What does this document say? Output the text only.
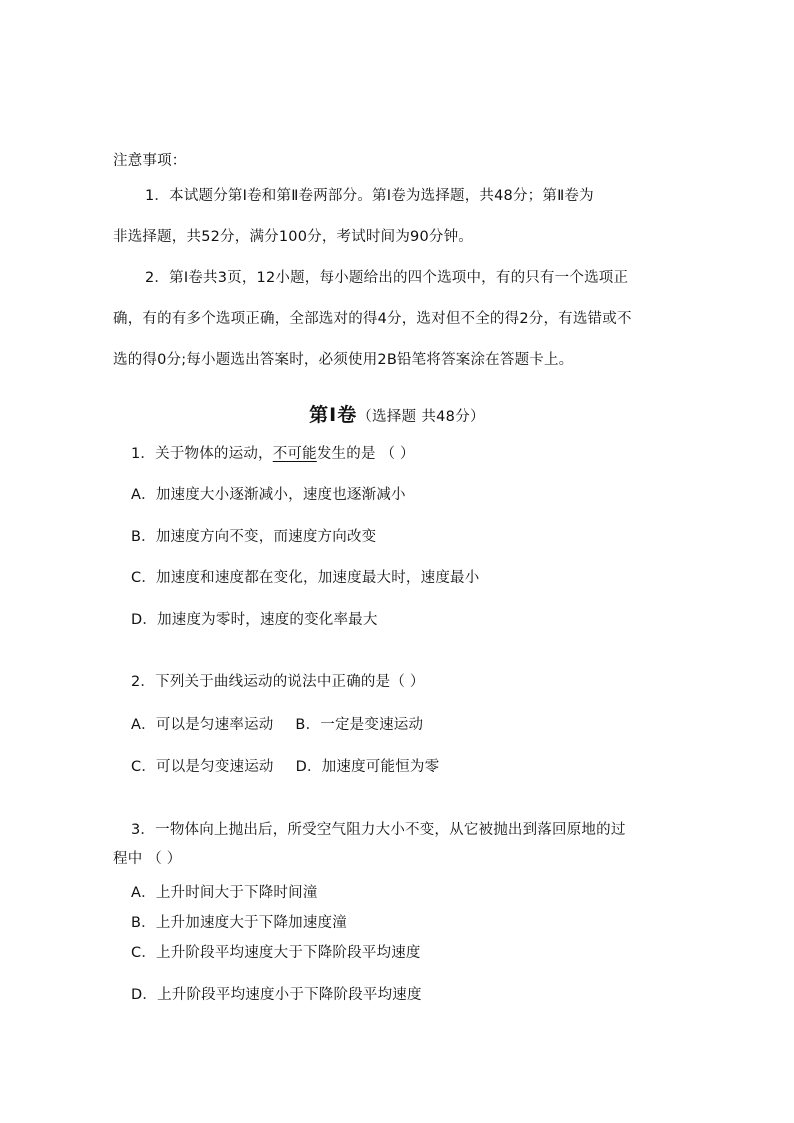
注意事项：
1．本试题分第Ⅰ卷和第Ⅱ卷两部分。第Ⅰ卷为选择题，共48分；第Ⅱ卷为
非选择题，共52分，满分100分，考试时间为90分钟。
2．第Ⅰ卷共3页，12小题，每小题给出的四个选项中，有的只有一个选项正
确，有的有多个选项正确，全部选对的得4分，选对但不全的得2分，有选错或不
选的得0分;每小题选出答案时，必须使用2B铅笔将答案涂在答题卡上。
第Ⅰ卷（选择题 共48分）
1．关于物体的运动，不可能发生的是 （ ）
A．加速度大小逐渐减小，速度也逐渐减小
B．加速度方向不变，而速度方向改变
C．加速度和速度都在变化，加速度最大时，速度最小
D．加速度为零时，速度的变化率最大
2．下列关于曲线运动的说法中正确的是（ ）
A．可以是匀速率运动 B．一定是变速运动
C．可以是匀变速运动 D．加速度可能恒为零
3．一物体向上抛出后，所受空气阻力大小不变，从它被抛出到落回原地的过
程中 （ ）
A．上升时间大于下降时间潼
B．上升加速度大于下降加速度潼
C．上升阶段平均速度大于下降阶段平均速度
D．上升阶段平均速度小于下降阶段平均速度
